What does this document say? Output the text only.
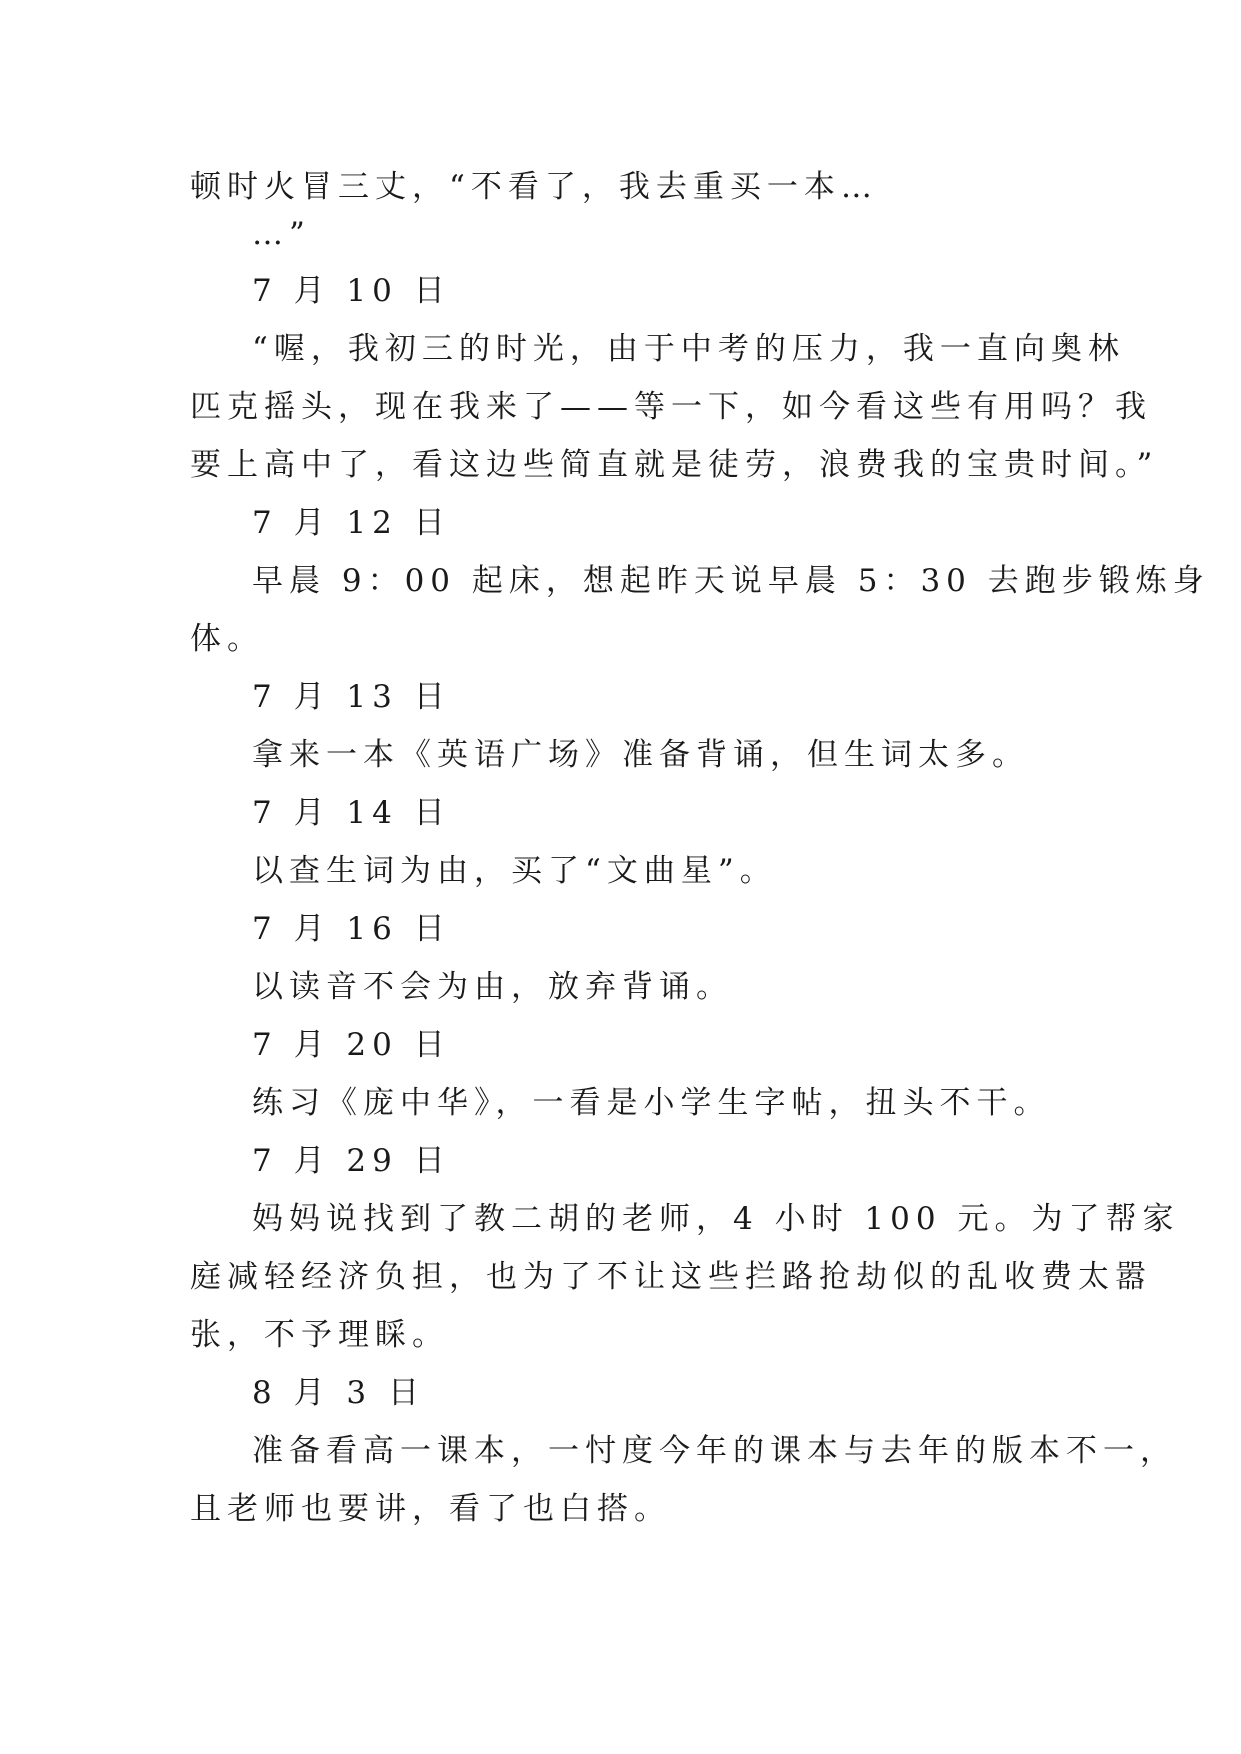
顿时火冒三丈，“不看了，我去重买一本…

…”

7 月 10 日

“喔，我初三的时光，由于中考的压力，我一直向奥林

匹克摇头，现在我来了——等一下，如今看这些有用吗？我

要上高中了，看这边些简直就是徒劳，浪费我的宝贵时间。”

7 月 12 日

早晨 9：00 起床，想起昨天说早晨 5：30 去跑步锻炼身

体。

7 月 13 日

拿来一本《英语广场》准备背诵，但生词太多。

7 月 14 日

以查生词为由，买了“文曲星”。

7 月 16 日

以读音不会为由，放弃背诵。

7 月 20 日

练习《庞中华》，一看是小学生字帖，扭头不干。

7 月 29 日

妈妈说找到了教二胡的老师，4 小时 100 元。为了帮家

庭减轻经济负担，也为了不让这些拦路抢劫似的乱收费太嚣

张，不予理睬。

8 月 3 日

准备看高一课本，一忖度今年的课本与去年的版本不一，

且老师也要讲，看了也白搭。
